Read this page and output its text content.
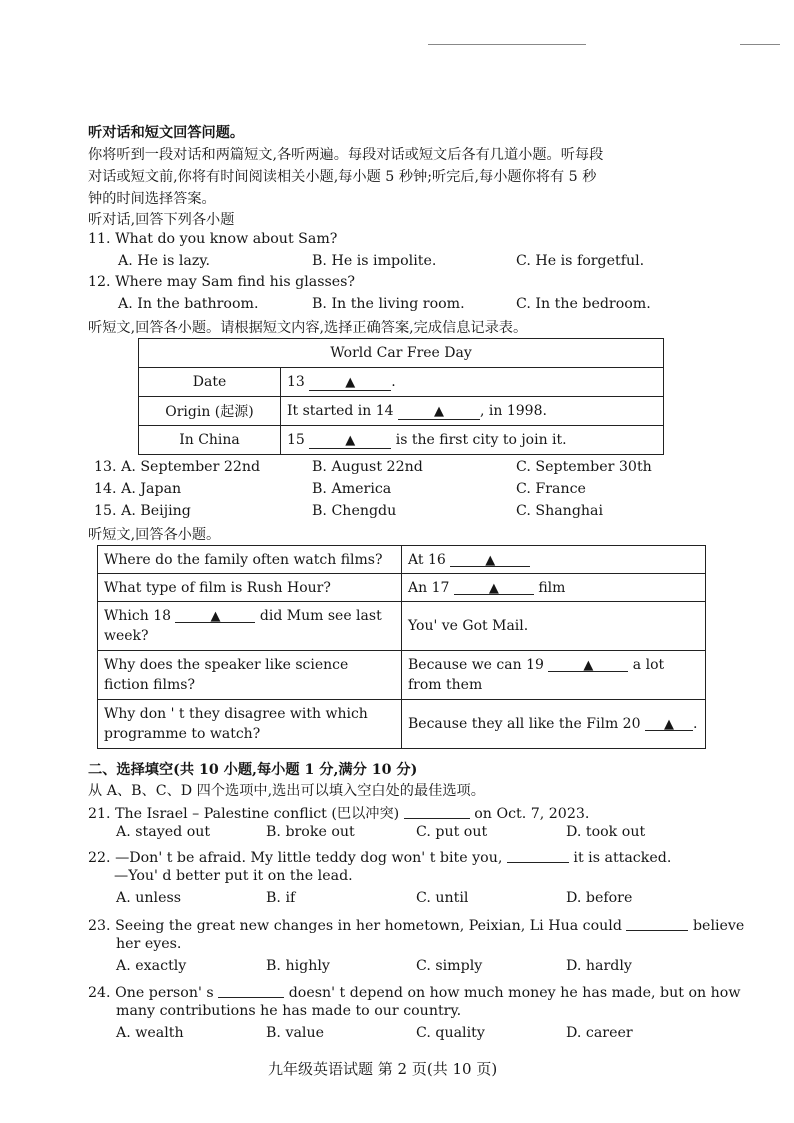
听对话和短文回答问题。
你将听到一段对话和两篇短文,各听两遍。每段对话或短文后各有几道小题。听每段
对话或短文前,你将有时间阅读相关小题,每小题 5 秒钟;听完后,每小题你将有 5 秒
钟的时间选择答案。
听对话,回答下列各小题
11. What do you know about Sam?
A. He is lazy.	B. He is impolite.	C. He is forgetful.
12. Where may Sam find his glasses?
A. In the bathroom.	B. In the living room.	C. In the bedroom.
听短文,回答各小题。请根据短文内容,选择正确答案,完成信息记录表。
World Car Free Day	
Date	13 ▲ .
Origin (起源)	It started in 14 ▲ , in 1998.
In China	15 ▲ is the first city to join it.
13. A. September 22nd	B. August 22nd	C. September 30th
14. A. Japan	B. America	C. France
15. A. Beijing	B. Chengdu	C. Shanghai
听短文,回答各小题。
Where do the family often watch films?	At 16 ▲
What type of film is Rush Hour?	An 17 ▲ film
Which 18 ▲ did Mum see last week?	You' ve Got Mail.
Why does the speaker like science fiction films?	Because we can 19 ▲ a lot from them
Why don ' t they disagree with which programme to watch?	Because they all like the Film 20 ▲ .
二、选择填空(共 10 小题,每小题 1 分,满分 10 分)
从 A、B、C、D 四个选项中,选出可以填入空白处的最佳选项。
21. The Israel – Palestine conflict (巴以冲突)	on Oct. 7, 2023.
A. stayed out	B. broke out	C. put out	D. took out
22. —Don' t be afraid. My little teddy dog won' t bite you,	it is attacked.
—You' d better put it on the lead.
A. unless	B. if	C. until	D. before
23. Seeing the great new changes in her hometown, Peixian, Li Hua could	believe
her eyes.
A. exactly	B. highly	C. simply	D. hardly
24. One person' s	doesn' t depend on how much money he has made, but on how
many contributions he has made to our country.
A. wealth	B. value	C. quality	D. career
九年级英语试题 第 2 页(共 10 页)
